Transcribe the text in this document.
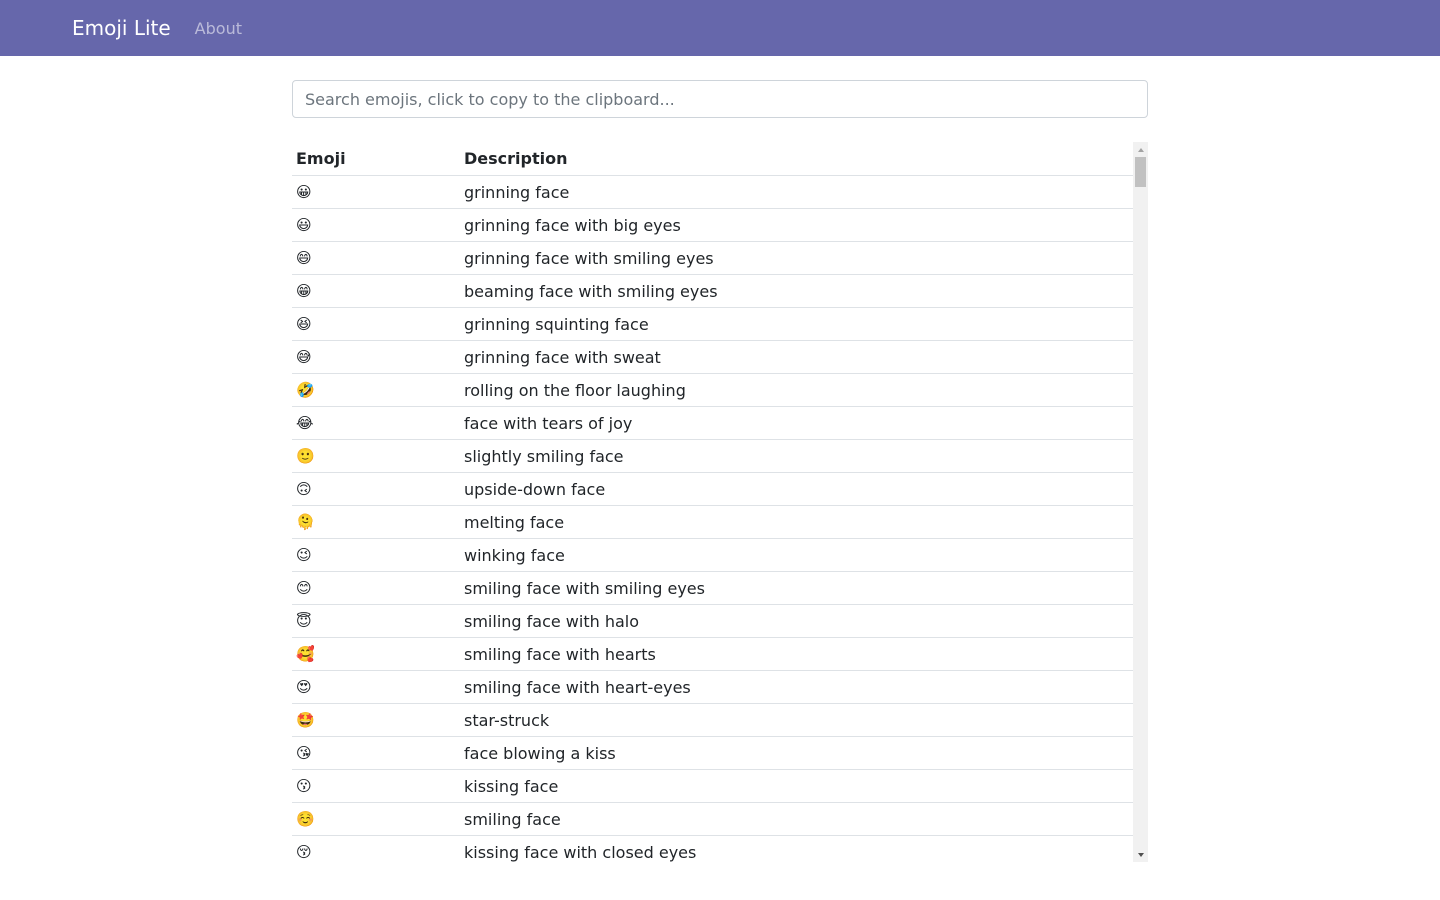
Emoji Lite About
Search emojis, click to copy to the clipboard...
Emoji	Description
😀	grinning face
😃	grinning face with big eyes
😄	grinning face with smiling eyes
😁	beaming face with smiling eyes
😆	grinning squinting face
😅	grinning face with sweat
🤣	rolling on the floor laughing
😂	face with tears of joy
🙂	slightly smiling face
🙃	upside-down face
🫠	melting face
😉	winking face
😊	smiling face with smiling eyes
😇	smiling face with halo
🥰	smiling face with hearts
😍	smiling face with heart-eyes
🤩	star-struck
😘	face blowing a kiss
😗	kissing face
☺️	smiling face
😚	kissing face with closed eyes
